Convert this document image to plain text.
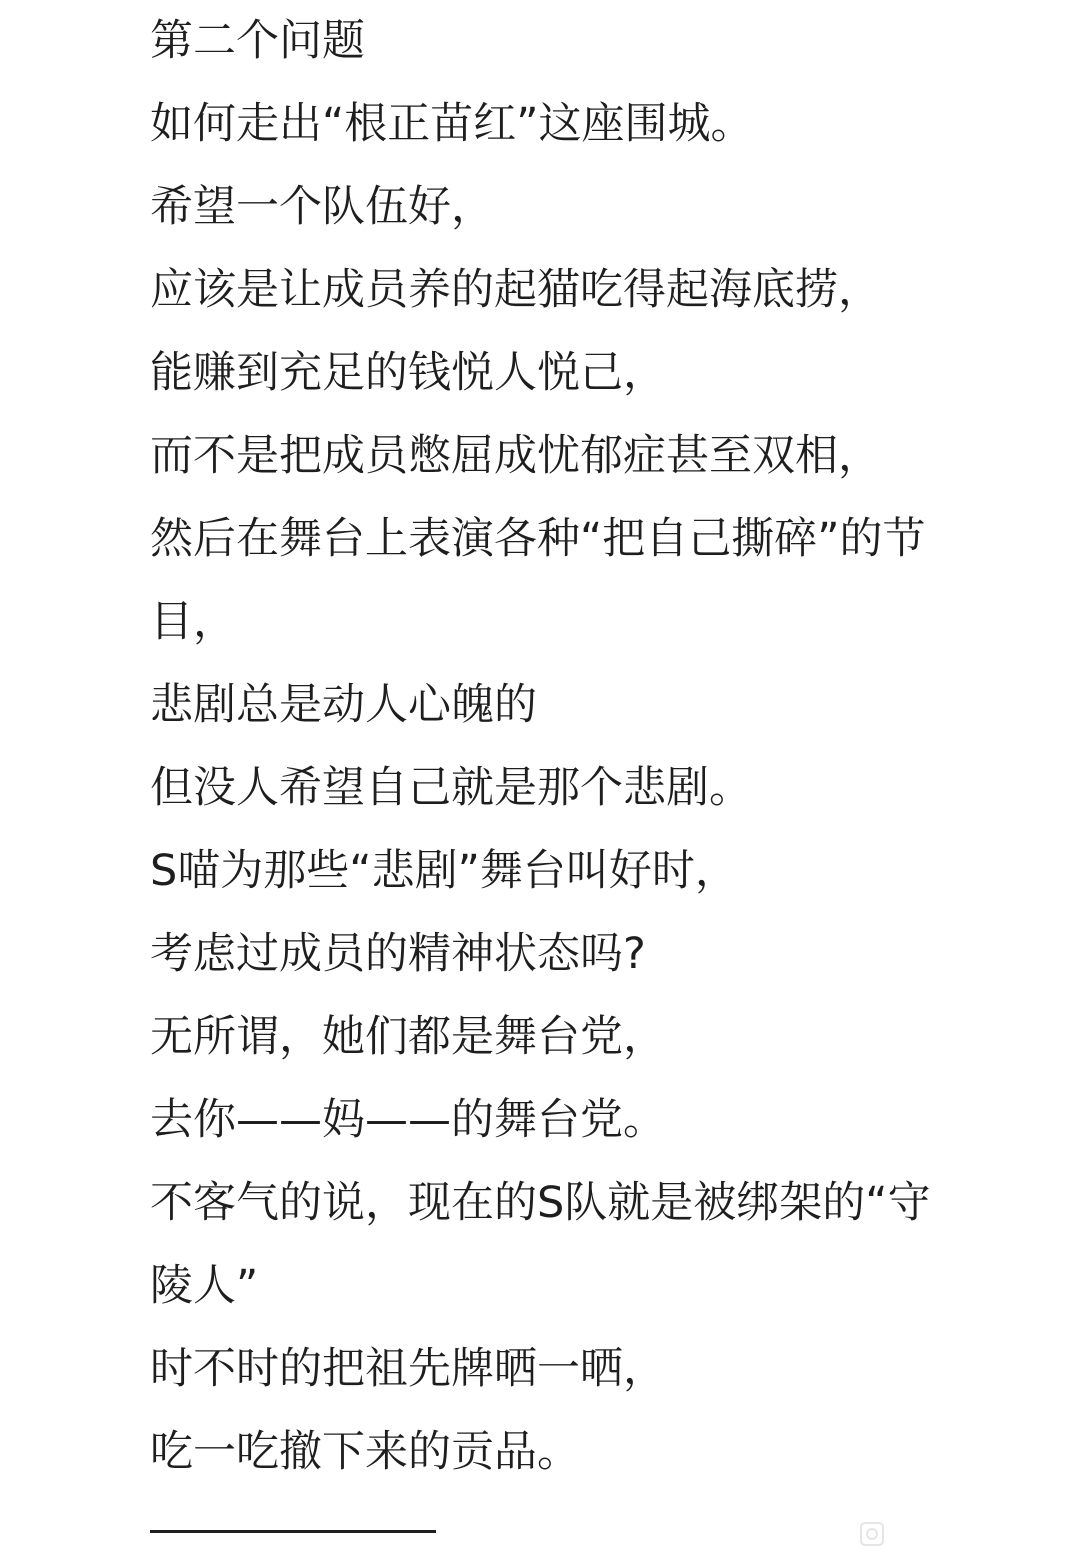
第二个问题

如何走出“根正苗红”这座围城。

希望一个队伍好，

应该是让成员养的起猫吃得起海底捞，

能赚到充足的钱悦人悦己，

而不是把成员憋屈成忧郁症甚至双相，

然后在舞台上表演各种“把自己撕碎”的节

目，

悲剧总是动人心魄的

但没人希望自己就是那个悲剧。

S喵为那些“悲剧”舞台叫好时，

考虑过成员的精神状态吗?

无所谓，她们都是舞台党，

去你——妈——的舞台党。

不客气的说，现在的S队就是被绑架的“守

陵人”

时不时的把祖先牌晒一晒，

吃一吃撤下来的贡品。
